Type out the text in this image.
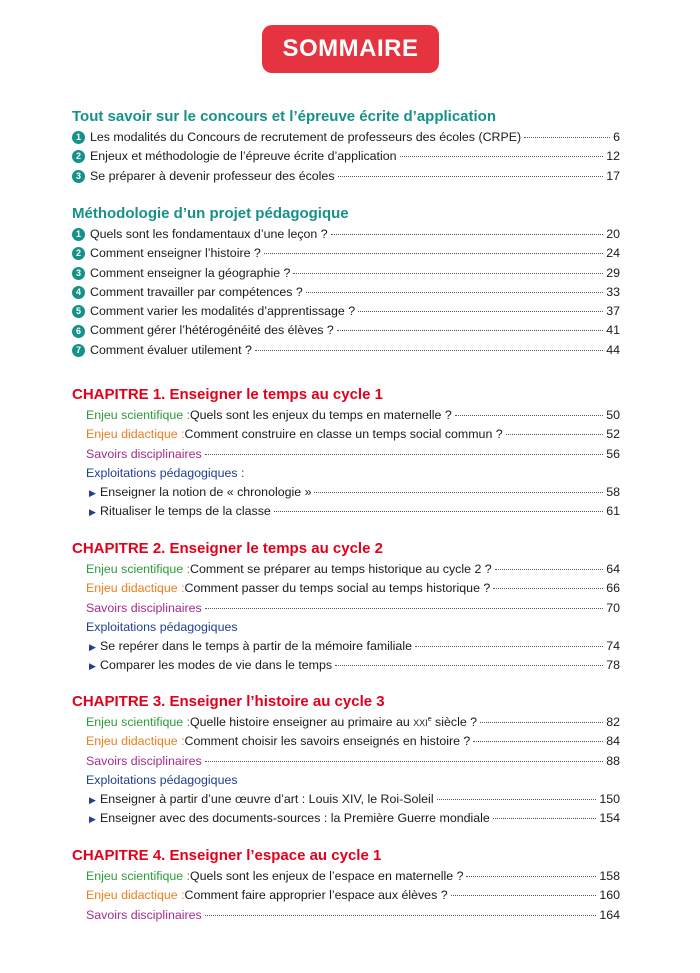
SOMMAIRE
Tout savoir sur le concours et l’épreuve écrite d’application
1 Les modalités du Concours de recrutement de professeurs des écoles (CRPE)	6
2 Enjeux et méthodologie de l’épreuve écrite d’application	12
3 Se préparer à devenir professeur des écoles	17
Méthodologie d’un projet pédagogique
1 Quels sont les fondamentaux d’une leçon ?	20
2 Comment enseigner l’histoire ?	24
3 Comment enseigner la géographie ?	29
4 Comment travailler par compétences ?	33
5 Comment varier les modalités d’apprentissage ?	37
6 Comment gérer l’hétérogénéité des élèves ?	41
7 Comment évaluer utilement ?	44
CHAPITRE 1. Enseigner le temps au cycle 1
Enjeu scientifique : Quels sont les enjeux du temps en maternelle ?	50
Enjeu didactique : Comment construire en classe un temps social commun ?	52
Savoirs disciplinaires	56
Exploitations pédagogiques :
▶ Enseigner la notion de « chronologie »	58
▶ Ritualiser le temps de la classe	61
CHAPITRE 2. Enseigner le temps au cycle 2
Enjeu scientifique : Comment se préparer au temps historique au cycle 2 ?	64
Enjeu didactique : Comment passer du temps social au temps historique ?	66
Savoirs disciplinaires	70
Exploitations pédagogiques
▶ Se repérer dans le temps à partir de la mémoire familiale	74
▶ Comparer les modes de vie dans le temps	78
CHAPITRE 3. Enseigner l’histoire au cycle 3
Enjeu scientifique : Quelle histoire enseigner au primaire au XXIe siècle ?	82
Enjeu didactique : Comment choisir les savoirs enseignés en histoire ?	84
Savoirs disciplinaires	88
Exploitations pédagogiques
▶ Enseigner à partir d’une œuvre d’art : Louis XIV, le Roi-Soleil	150
▶ Enseigner avec des documents-sources : la Première Guerre mondiale	154
CHAPITRE 4. Enseigner l’espace au cycle 1
Enjeu scientifique : Quels sont les enjeux de l’espace en maternelle ?	158
Enjeu didactique : Comment faire approprier l’espace aux élèves ?	160
Savoirs disciplinaires	164
